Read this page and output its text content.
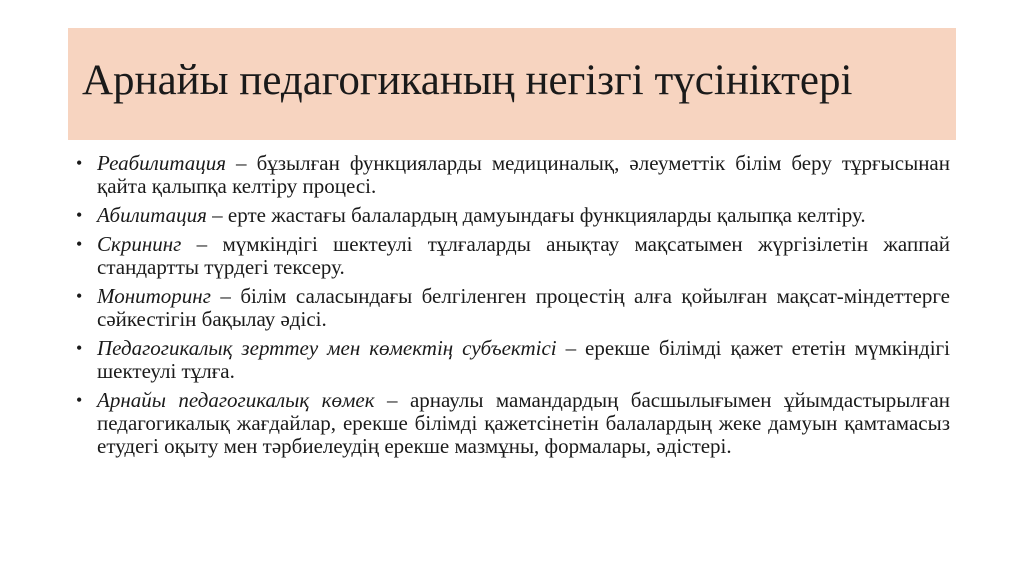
Арнайы педагогиканың негізгі түсініктері
• Реабилитация – бұзылған функцияларды медициналық, әлеуметтік білім беру тұрғысынан қайта қалыпқа келтіру процесі.
• Абилитация – ерте жастағы балалардың дамуындағы функцияларды қалыпқа келтіру.
• Скрининг – мүмкіндігі шектеулі тұлғаларды анықтау мақсатымен жүргізілетін жаппай стандартты түрдегі тексеру.
• Мониторинг – білім саласындағы белгіленген процестің алға қойылған мақсат-міндеттерге сәйкестігін бақылау әдісі.
• Педагогикалық зерттеу мен көмектің субъектісі – ерекше білімді қажет ететін мүмкіндігі шектеулі тұлға.
• Арнайы педагогикалық көмек – арнаулы мамандардың басшылығымен ұйымдастырылған педагогикалық жағдайлар, ерекше білімді қажетсінетін балалардың жеке дамуын қамтамасыз етудегі оқыту мен тәрбиелеудің ерекше мазмұны, формалары, әдістері.
